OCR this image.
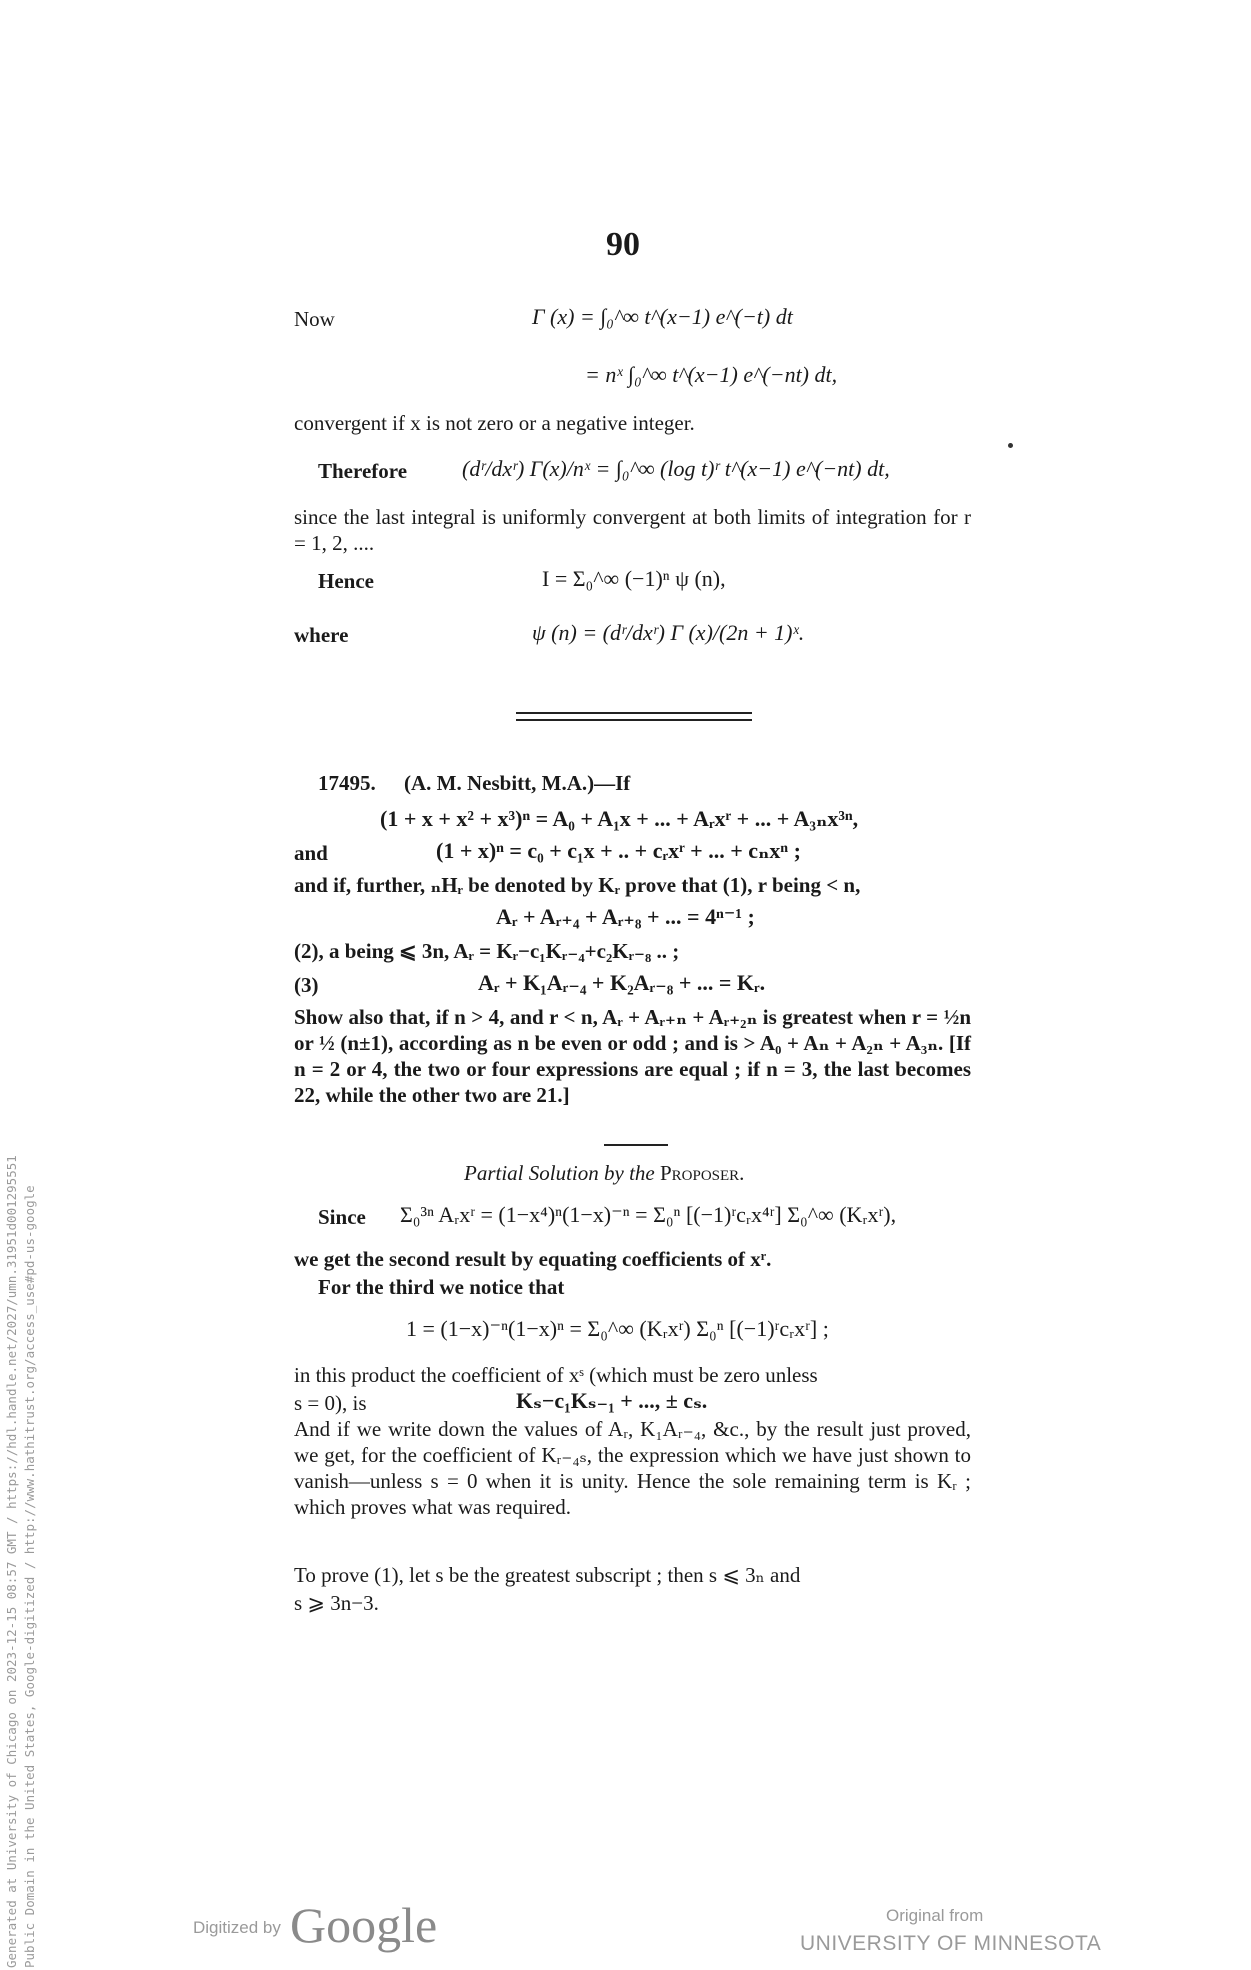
Generated at University of Chicago on 2023-12-15 08:57 GMT / https://hdl.handle.net/2027/umn.31951d001295551 Public Domain in the United States, Google-digitized / http://www.hathitrust.org/access_use#pd-us-google
90
Now	Γ (x) = ∫₀^∞ t^(x−1) e^(−t) dt
= nˣ ∫₀^∞ t^(x−1) e^(−nt) dt,
convergent if x is not zero or a negative integer.
Therefore (dʳ/dxʳ) Γ(x)/nˣ = ∫₀^∞ (log t)ʳ t^(x−1) e^(−nt) dt,
since the last integral is uniformly convergent at both limits of integration for r = 1, 2, ....
Hence	I = Σ₀^∞ (−1)ⁿ ψ (n),
where	ψ (n) = (dʳ/dxʳ) Γ (x)/(2n + 1)ˣ.
17495. (A. M. Nesbitt, M.A.)—If
(1 + x + x² + x³)ⁿ = A₀ + A₁x + ... + Aᵣxʳ + ... + A₃ₙx³ⁿ,
and	(1 + x)ⁿ = c₀ + c₁x + .. + cᵣxʳ + ... + cₙxⁿ ;
and if, further, ₙHᵣ be denoted by Kᵣ prove that (1), r being < n,
Aᵣ + Aᵣ₊₄ + Aᵣ₊₈ + ... = 4ⁿ⁻¹ ;
(2), a being ⩽ 3n, Aᵣ = Kᵣ−c₁Kᵣ₋₄+c₂Kᵣ₋₈ .. ;
(3)	Aᵣ + K₁Aᵣ₋₄ + K₂Aᵣ₋₈ + ... = Kᵣ.
Show also that, if n > 4, and r < n, Aᵣ + Aᵣ₊ₙ + Aᵣ₊₂ₙ is greatest when r = ½n or ½ (n±1), according as n be even or odd ; and is > A₀ + Aₙ + A₂ₙ + A₃ₙ. [If n = 2 or 4, the two or four expressions are equal ; if n = 3, the last becomes 22, while the other two are 21.]
Partial Solution by the Proposer.
Since Σ₀³ⁿ Aᵣxʳ = (1−x⁴)ⁿ(1−x)⁻ⁿ = Σ₀ⁿ [(−1)ʳcᵣx⁴ʳ] Σ₀^∞ (Kᵣxʳ),
we get the second result by equating coefficients of xʳ.
For the third we notice that
1 = (1−x)⁻ⁿ(1−x)ⁿ = Σ₀^∞ (Kᵣxʳ) Σ₀ⁿ [(−1)ʳcᵣxʳ] ;
in this product the coefficient of xˢ (which must be zero unless
s = 0), is	Kₛ−c₁Kₛ₋₁ + ..., ± cₛ.
And if we write down the values of Aᵣ, K₁Aᵣ₋₄, &c., by the result just proved, we get, for the coefficient of Kᵣ₋₄ₛ, the expression which we have just shown to vanish—unless s = 0 when it is unity. Hence the sole remaining term is Kᵣ ; which proves what was required.
To prove (1), let s be the greatest subscript ; then s ⩽ 3ₙ and
s ⩾ 3n−3.
Digitized by Google	Original from
UNIVERSITY OF MINNESOTA
